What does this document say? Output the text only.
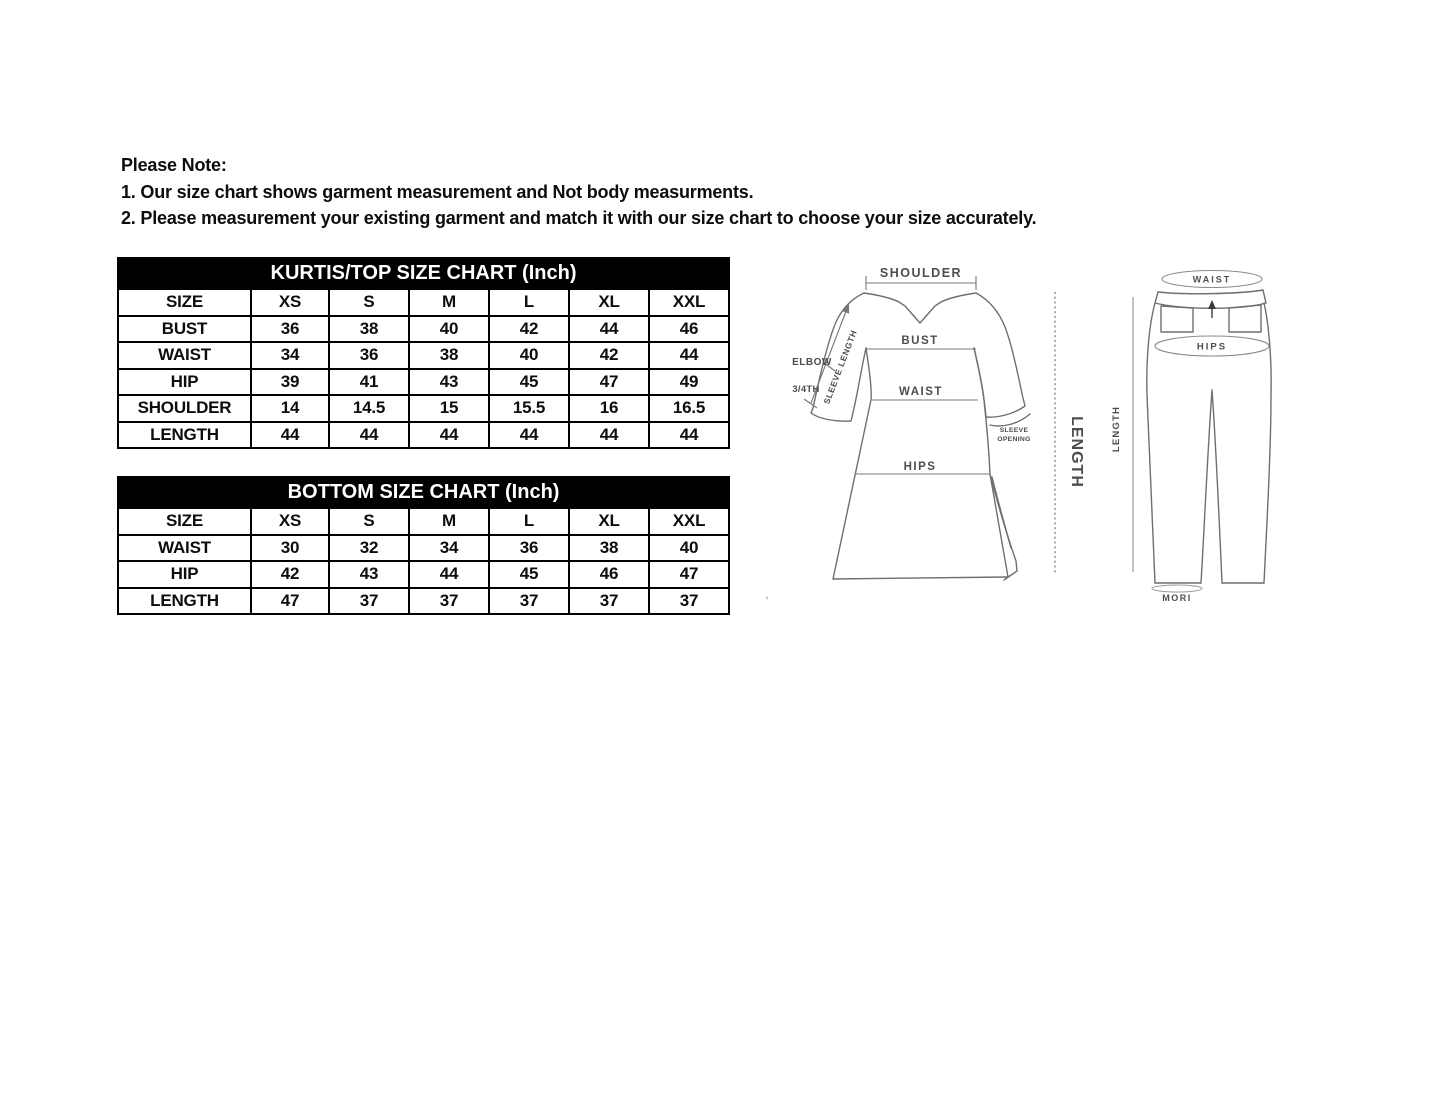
Please Note:
1. Our size chart shows garment measurement and Not body measurments.
2. Please measurement your existing garment and match it with our size chart to choose your size accurately.
KURTIS/TOP SIZE CHART (Inch)						
SIZE	XS	S	M	L	XL	XXL
BUST	36	38	40	42	44	46
WAIST	34	36	38	40	42	44
HIP	39	41	43	45	47	49
SHOULDER	14	14.5	15	15.5	16	16.5
LENGTH	44	44	44	44	44	44
BOTTOM SIZE CHART (Inch)						
SIZE	XS	S	M	L	XL	XXL
WAIST	30	32	34	36	38	40
HIP	42	43	44	45	46	47
LENGTH	47	37	37	37	37	37
SHOULDER
BUST
WAIST
HIPS
ELBOW
3/4TH SLEEVE LENGTH
SLEEVE
OPENING LENGTH	LENGTH
WAIST
HIPS
MORI
